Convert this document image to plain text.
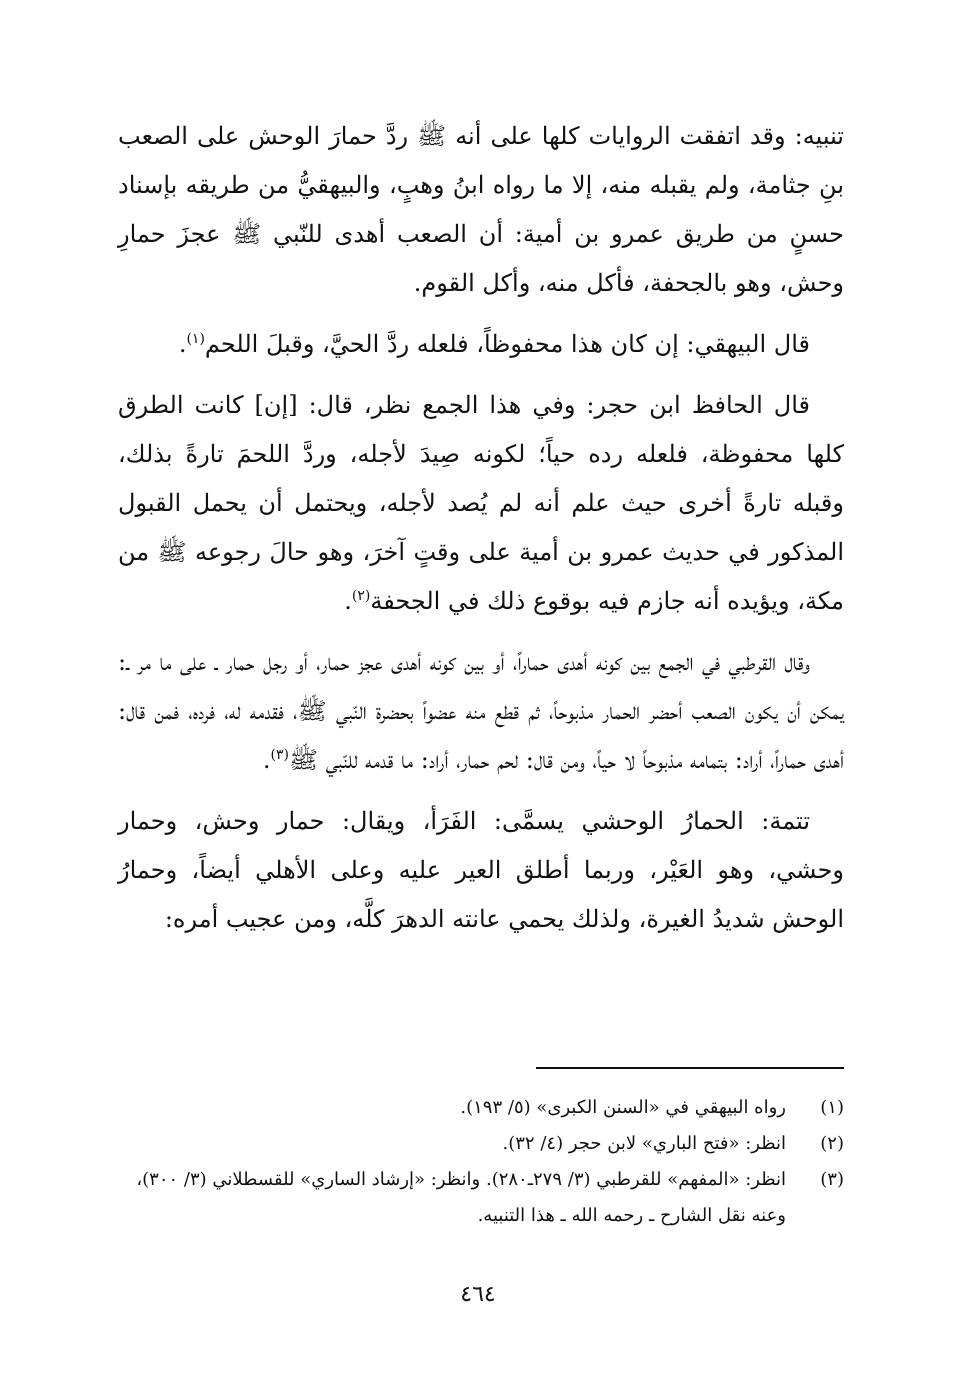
تنبيه: وقد اتفقت الروايات كلها على أنه ﷺ ردَّ حمارَ الوحش على الصعب بنِ جثامة، ولم يقبله منه، إلا ما رواه ابنُ وهبٍ، والبيهقيُّ من طريقه بإسناد حسنٍ من طريق عمرو بن أمية: أن الصعب أهدى للنّبي ﷺ عجزَ حمارِ وحش، وهو بالجحفة، فأكل منه، وأكل القوم.

قال البيهقي: إن كان هذا محفوظاً، فلعله ردَّ الحيَّ، وقبلَ اللحم$^{(١)}$.

قال الحافظ ابن حجر: وفي هذا الجمع نظر، قال: [إن] كانت الطرق كلها محفوظة، فلعله رده حياً؛ لكونه صِيدَ لأجله، وردَّ اللحمَ تارةً بذلك، وقبله تارةً أخرى حيث علم أنه لم يُصد لأجله، ويحتمل أن يحمل القبول المذكور في حديث عمرو بن أمية على وقتٍ آخرَ، وهو حالَ رجوعه ﷺ من مكة، ويؤيده أنه جازم فيه بوقوع ذلك في الجحفة$^{(٢)}$.

وقال القرطبي في الجمع بين كونه أهدى حماراً، أو بين كونه أهدى عجز حمار، أو رجل حمار ـ على ما مر ـ: يمكن أن يكون الصعب أحضر الحمار مذبوحاً، ثم قطع منه عضواً بحضرة النّبي ﷺ، فقدمه له، فرده، فمن قال: أهدى حماراً، أراد: بتمامه مذبوحاً لا حياً، ومن قال: لحم حمار، أراد: ما قدمه للنّبي ﷺ$^{(٣)}$.

تتمة: الحمارُ الوحشي يسمَّى: الفَرَأ، ويقال: حمار وحش، وحمار وحشي، وهو العَيْر، وربما أطلق العير عليه وعلى الأهلي أيضاً، وحمارُ الوحش شديدُ الغيرة، ولذلك يحمي عانته الدهرَ كلَّه، ومن عجيب أمره:

(١)رواه البيهقي في «السنن الكبرى» (٥/ ١٩٣).

(٢)انظر: «فتح الباري» لابن حجر (٤/ ٣٢).

(٣)انظر: «المفهم» للقرطبي (٣/ ٢٧٩ـ٢٨٠). وانظر: «إرشاد الساري» للقسطلاني (٣/ ٣٠٠)، وعنه نقل الشارح ـ رحمه الله ـ هذا التنبيه.

٤٦٤
